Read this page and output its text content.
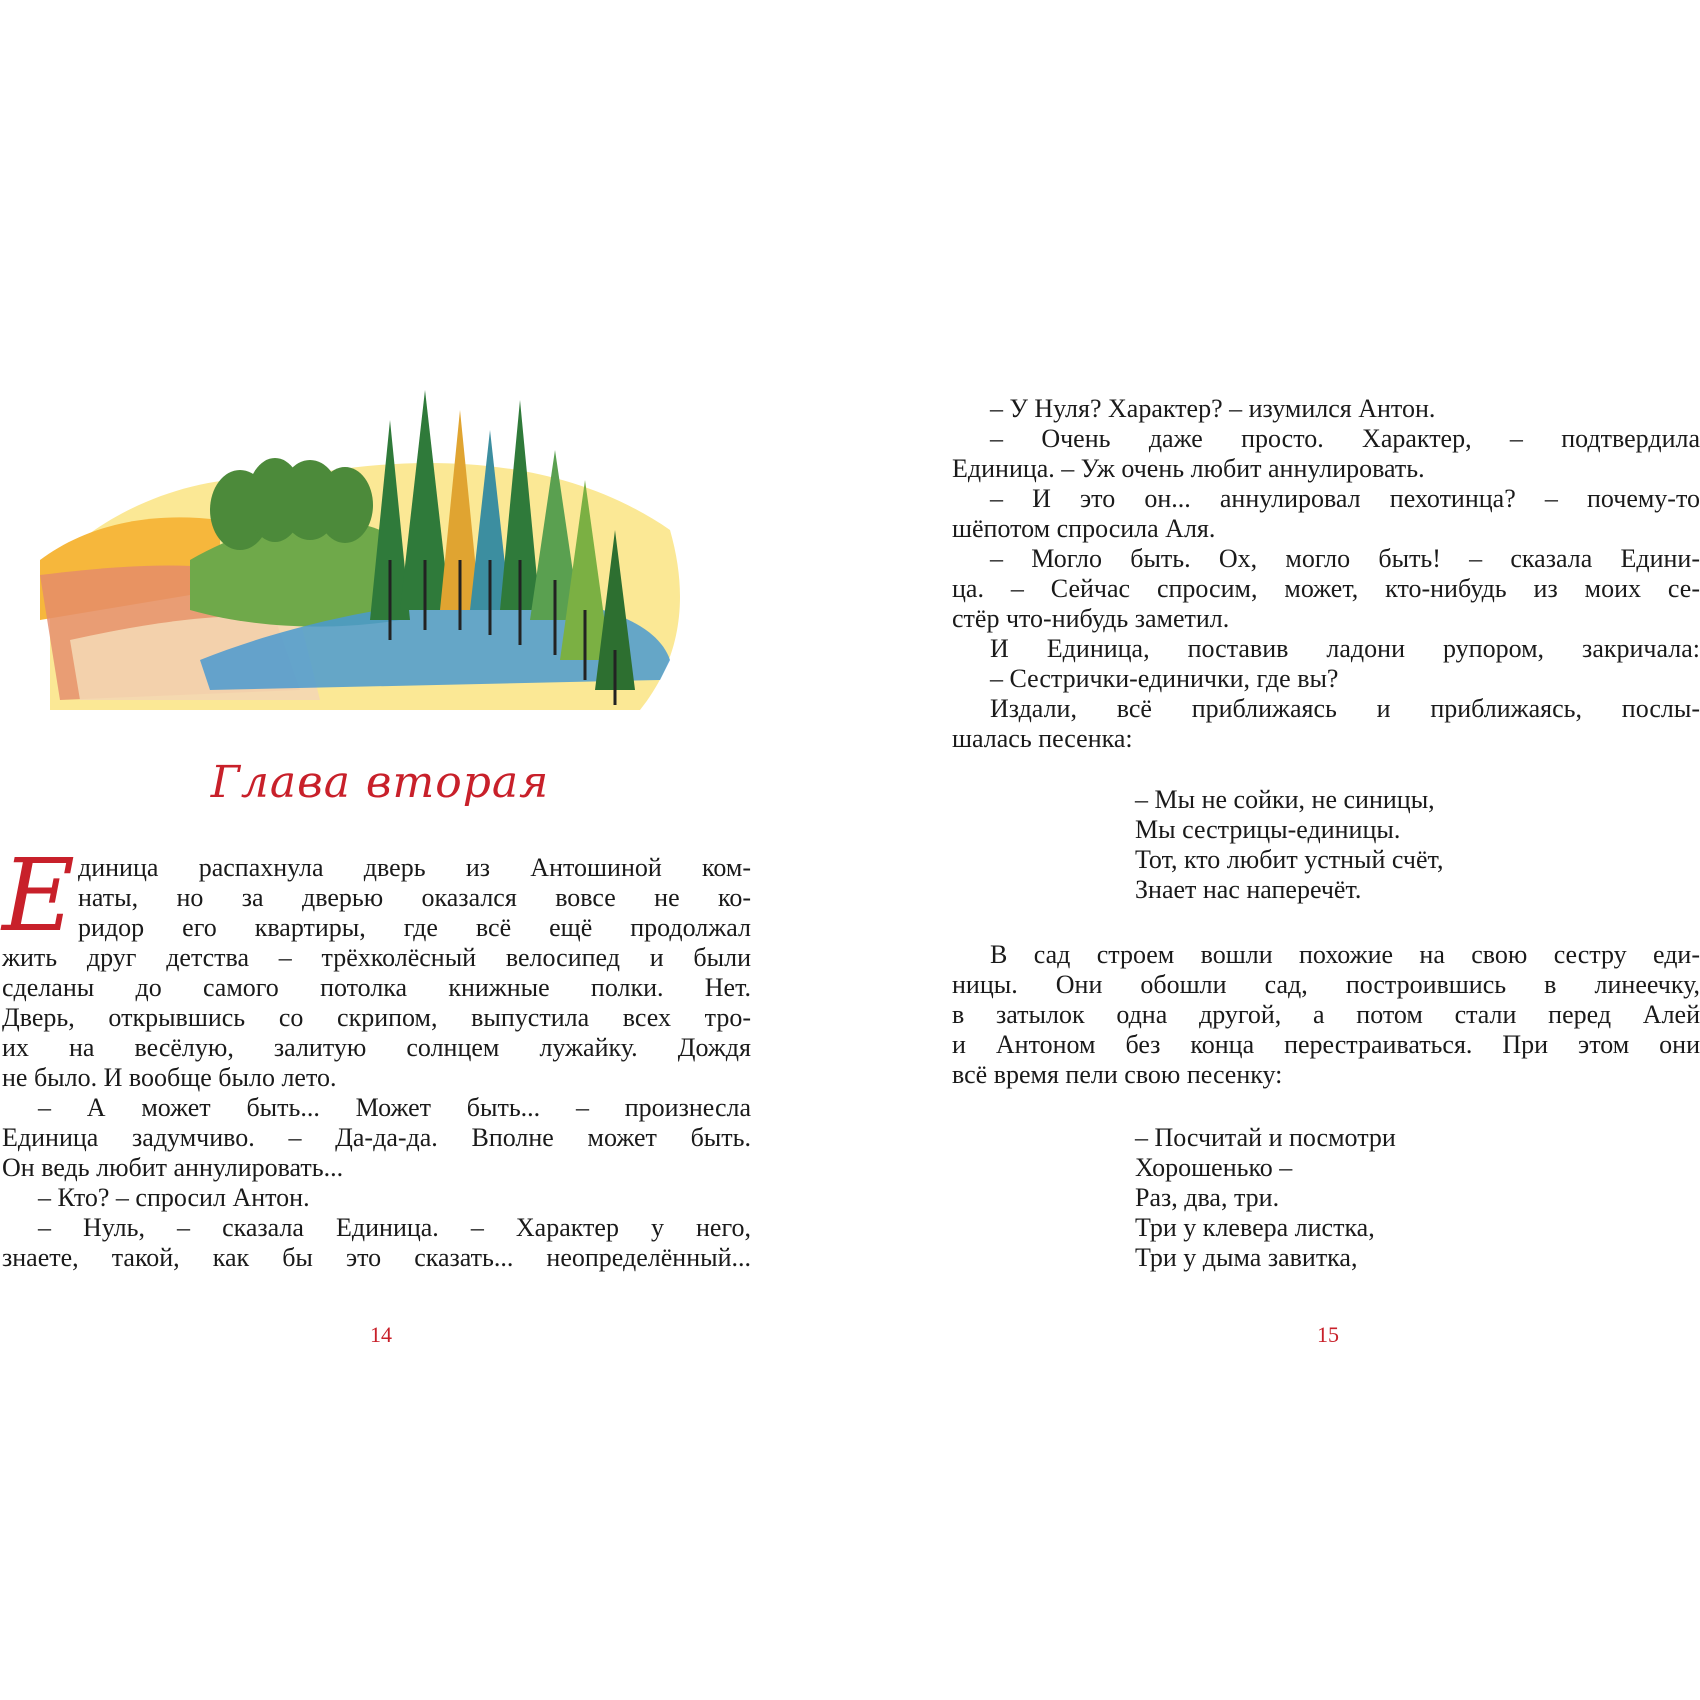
Глава вторая
Е диница распахнула дверь из Антошиной ком-
наты, но за дверью оказался вовсе не ко-
ридор его квартиры, где всё ещё продолжал
жить друг детства – трёхколёсный велосипед и были
сделаны до самого потолка книжные полки. Нет.
Дверь, открывшись со скрипом, выпустила всех тро-
их на весёлую, залитую солнцем лужайку. Дождя
не было. И вообще было лето.
– А может быть... Может быть... – произнесла
Единица задумчиво. – Да-да-да. Вполне может быть.
Он ведь любит аннулировать...
– Кто? – спросил Антон.
– Нуль, – сказала Единица. – Характер у него,
знаете, такой, как бы это сказать... неопределённый...
14
– У Нуля? Характер? – изумился Антон.
– Очень даже просто. Характер, – подтвердила
Единица. – Уж очень любит аннулировать.
– И это он... аннулировал пехотинца? – почему-то
шёпотом спросила Аля.
– Могло быть. Ох, могло быть! – сказала Едини-
ца. – Сейчас спросим, может, кто-нибудь из моих се-
стёр что-нибудь заметил.
И Единица, поставив ладони рупором, закричала:
– Сестрички-единички, где вы?
Издали, всё приближаясь и приближаясь, послы-
шалась песенка:
– Мы не сойки, не синицы,
Мы сестрицы-единицы.
Тот, кто любит устный счёт,
Знает нас наперечёт.
В сад строем вошли похожие на свою сестру еди-
ницы. Они обошли сад, построившись в линеечку,
в затылок одна другой, а потом стали перед Алей
и Антоном без конца перестраиваться. При этом они
всё время пели свою песенку:
– Посчитай и посмотри
Хорошенько –
Раз, два, три.
Три у клевера листка,
Три у дыма завитка,
15
